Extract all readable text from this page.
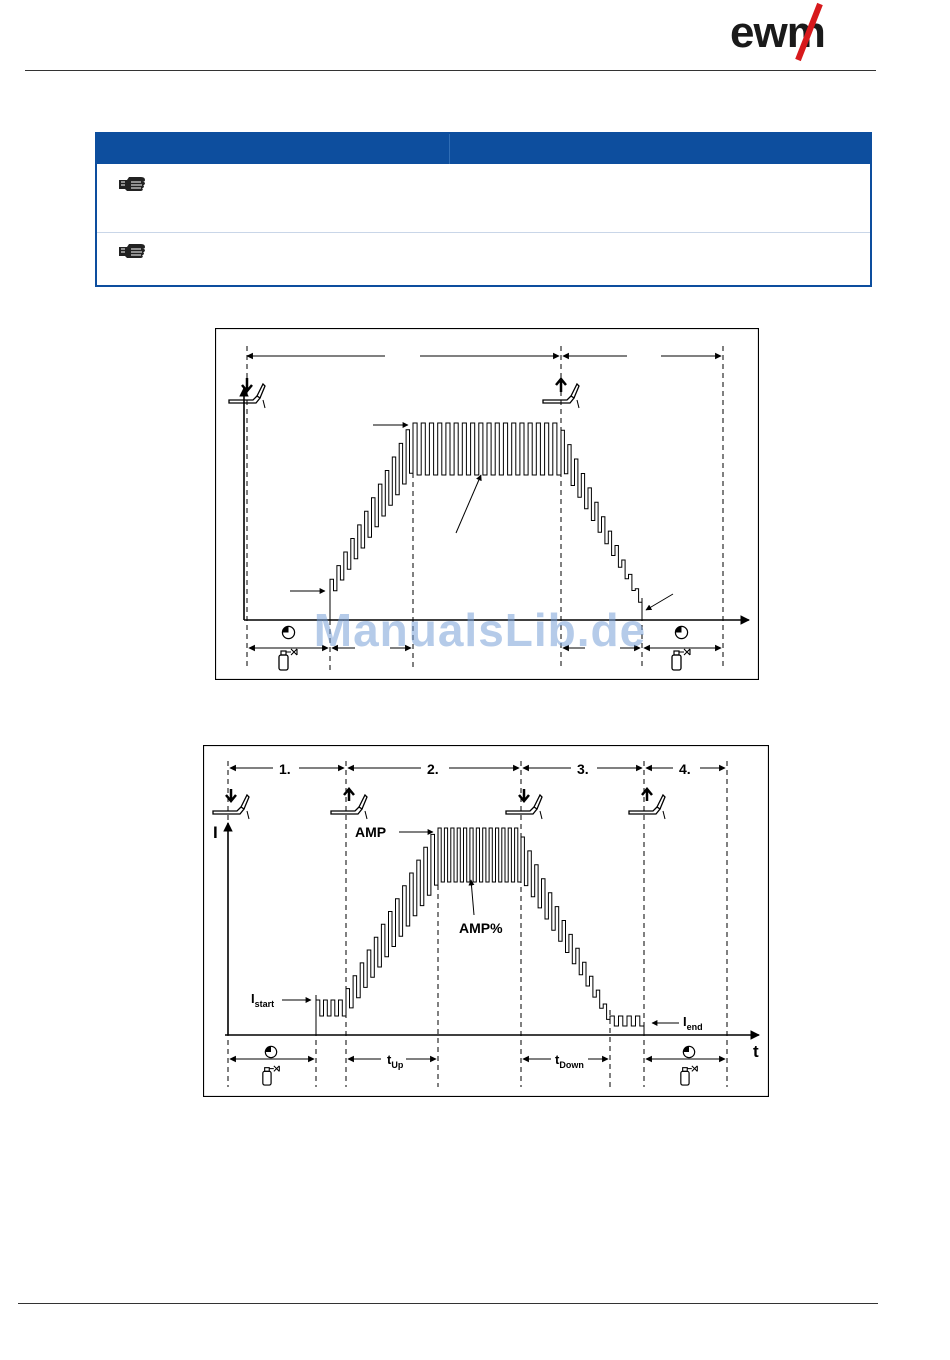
ewm
1.	2.	3.	4.
I
t
AMP
AMP%
$I_{start}$
$I_{end}$
$t_{Up}$	$t_{Down}$
ManualsLib.de
